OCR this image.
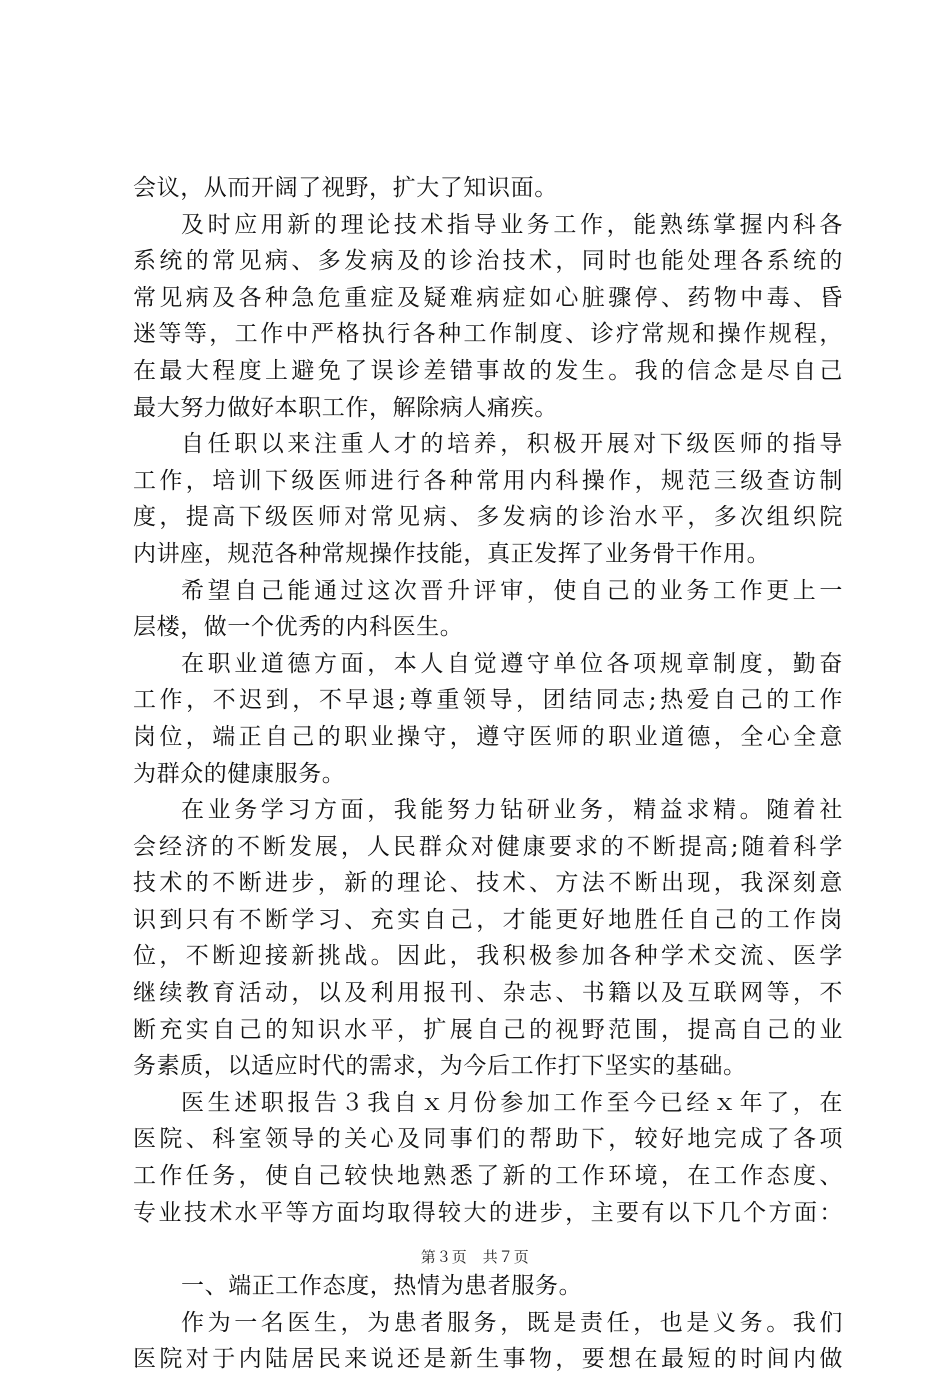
会议，从而开阔了视野，扩大了知识面。
及时应用新的理论技术指导业务工作，能熟练掌握内科各
系统的常见病、多发病及的诊治技术，同时也能处理各系统的
常见病及各种急危重症及疑难病症如心脏骤停、药物中毒、昏
迷等等，工作中严格执行各种工作制度、诊疗常规和操作规程，
在最大程度上避免了误诊差错事故的发生。我的信念是尽自己
最大努力做好本职工作，解除病人痛疾。
自任职以来注重人才的培养，积极开展对下级医师的指导
工作，培训下级医师进行各种常用内科操作，规范三级查访制
度，提高下级医师对常见病、多发病的诊治水平，多次组织院
内讲座，规范各种常规操作技能，真正发挥了业务骨干作用。
希望自己能通过这次晋升评审，使自己的业务工作更上一
层楼，做一个优秀的内科医生。
在职业道德方面，本人自觉遵守单位各项规章制度，勤奋
工作，不迟到，不早退;尊重领导，团结同志;热爱自己的工作
岗位，端正自己的职业操守，遵守医师的职业道德，全心全意
为群众的健康服务。
在业务学习方面，我能努力钻研业务，精益求精。随着社
会经济的不断发展，人民群众对健康要求的不断提高;随着科学
技术的不断进步，新的理论、技术、方法不断出现，我深刻意
识到只有不断学习、充实自己，才能更好地胜任自己的工作岗
位，不断迎接新挑战。因此，我积极参加各种学术交流、医学
继续教育活动，以及利用报刊、杂志、书籍以及互联网等，不
断充实自己的知识水平，扩展自己的视野范围，提高自己的业
务素质，以适应时代的需求，为今后工作打下坚实的基础。
医生述职报告３我自ｘ月份参加工作至今已经ｘ年了，在
医院、科室领导的关心及同事们的帮助下，较好地完成了各项
工作任务，使自己较快地熟悉了新的工作环境，在工作态度、
专业技术水平等方面均取得较大的进步，主要有以下几个方面：
一、端正工作态度，热情为患者服务。
作为一名医生，为患者服务，既是责任，也是义务。我们
医院对于内陆居民来说还是新生事物，要想在最短的时间内做
第３页　共７页
